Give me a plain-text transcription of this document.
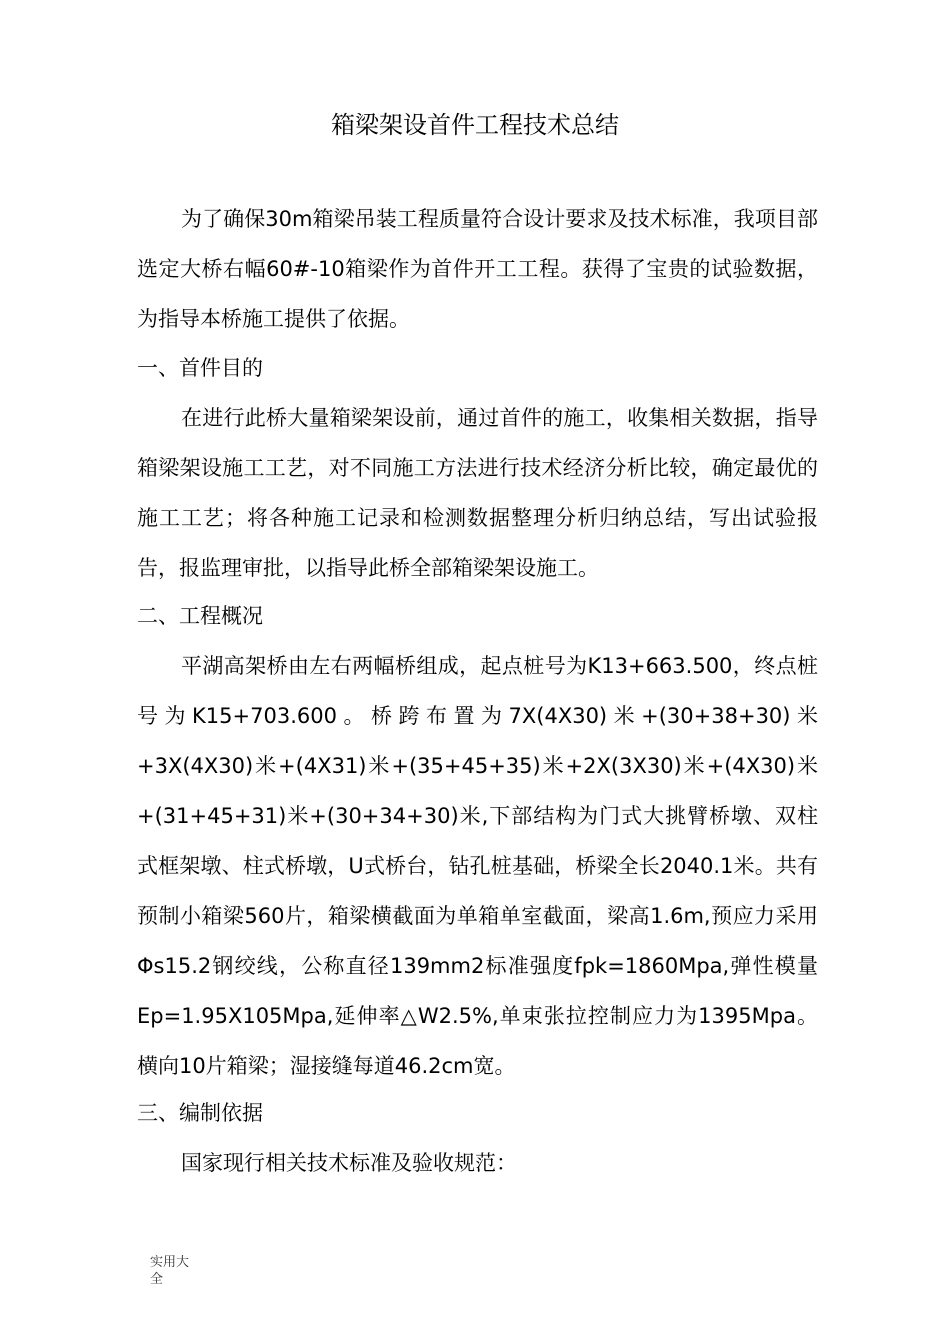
箱梁架设首件工程技术总结
为了确保30m箱梁吊装工程质量符合设计要求及技术标准，我项目部选定大桥右幅60#-10箱梁作为首件开工工程。获得了宝贵的试验数据，为指导本桥施工提供了依据。
一、首件目的
在进行此桥大量箱梁架设前，通过首件的施工，收集相关数据，指导箱梁架设施工工艺，对不同施工方法进行技术经济分析比较，确定最优的施工工艺；将各种施工记录和检测数据整理分析归纳总结，写出试验报告，报监理审批，以指导此桥全部箱梁架设施工。
二、工程概况
平湖高架桥由左右两幅桥组成，起点桩号为K13+663.500，终点桩号为K15+703.600。桥跨布置为7X(4X30)米+(30+38+30)米+3X(4X30)米+(4X31)米+(35+45+35)米+2X(3X30)米+(4X30)米+(31+45+31)米+(30+34+30)米,下部结构为门式大挑臂桥墩、双柱式框架墩、柱式桥墩，U式桥台，钻孔桩基础，桥梁全长2040.1米。共有预制小箱梁560片，箱梁横截面为单箱单室截面，梁高1.6m,预应力采用Φs15.2钢绞线，公称直径139mm2标准强度fpk=1860Mpa,弹性模量Ep=1.95X105Mpa,延伸率△W2.5%,单束张拉控制应力为1395Mpa。横向10片箱梁；湿接缝每道46.2cm宽。
三、编制依据
国家现行相关技术标准及验收规范：
实用大全
